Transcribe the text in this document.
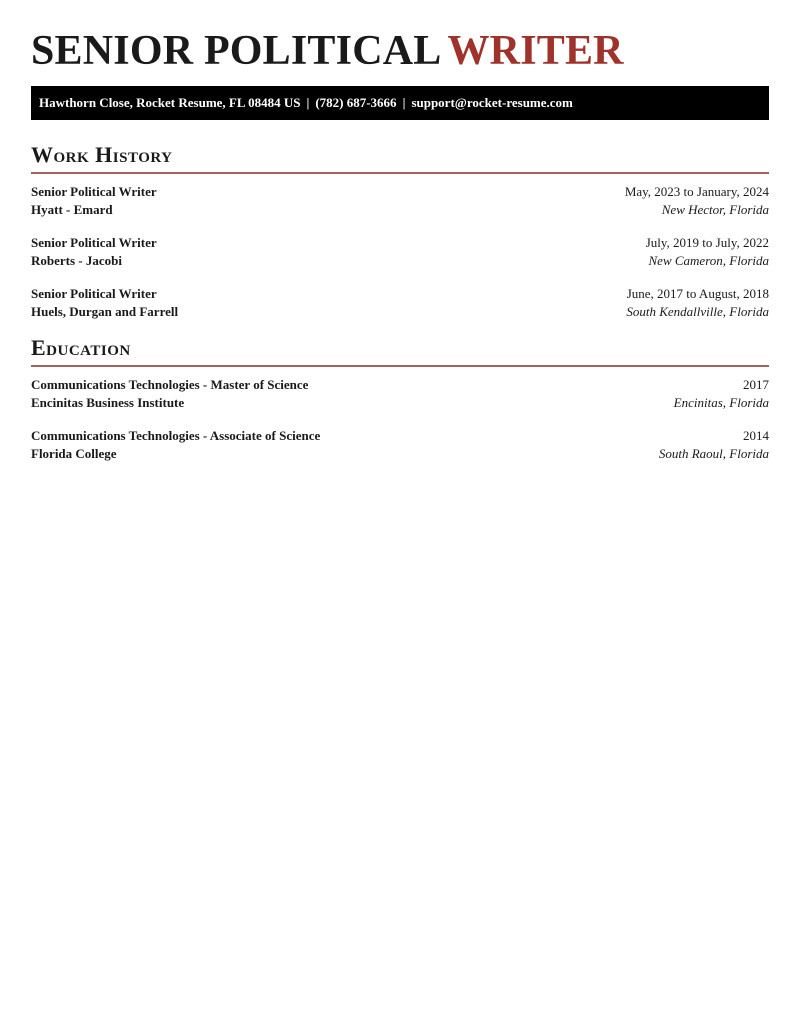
SENIOR POLITICAL WRITER
Hawthorn Close, Rocket Resume, FL 08484 US | (782) 687-3666 | support@rocket-resume.com
Work History
Senior Political Writer	May, 2023 to January, 2024
Hyatt - Emard	New Hector, Florida
Senior Political Writer	July, 2019 to July, 2022
Roberts - Jacobi	New Cameron, Florida
Senior Political Writer	June, 2017 to August, 2018
Huels, Durgan and Farrell	South Kendallville, Florida
Education
Communications Technologies - Master of Science	2017
Encinitas Business Institute	Encinitas, Florida
Communications Technologies - Associate of Science	2014
Florida College	South Raoul, Florida
